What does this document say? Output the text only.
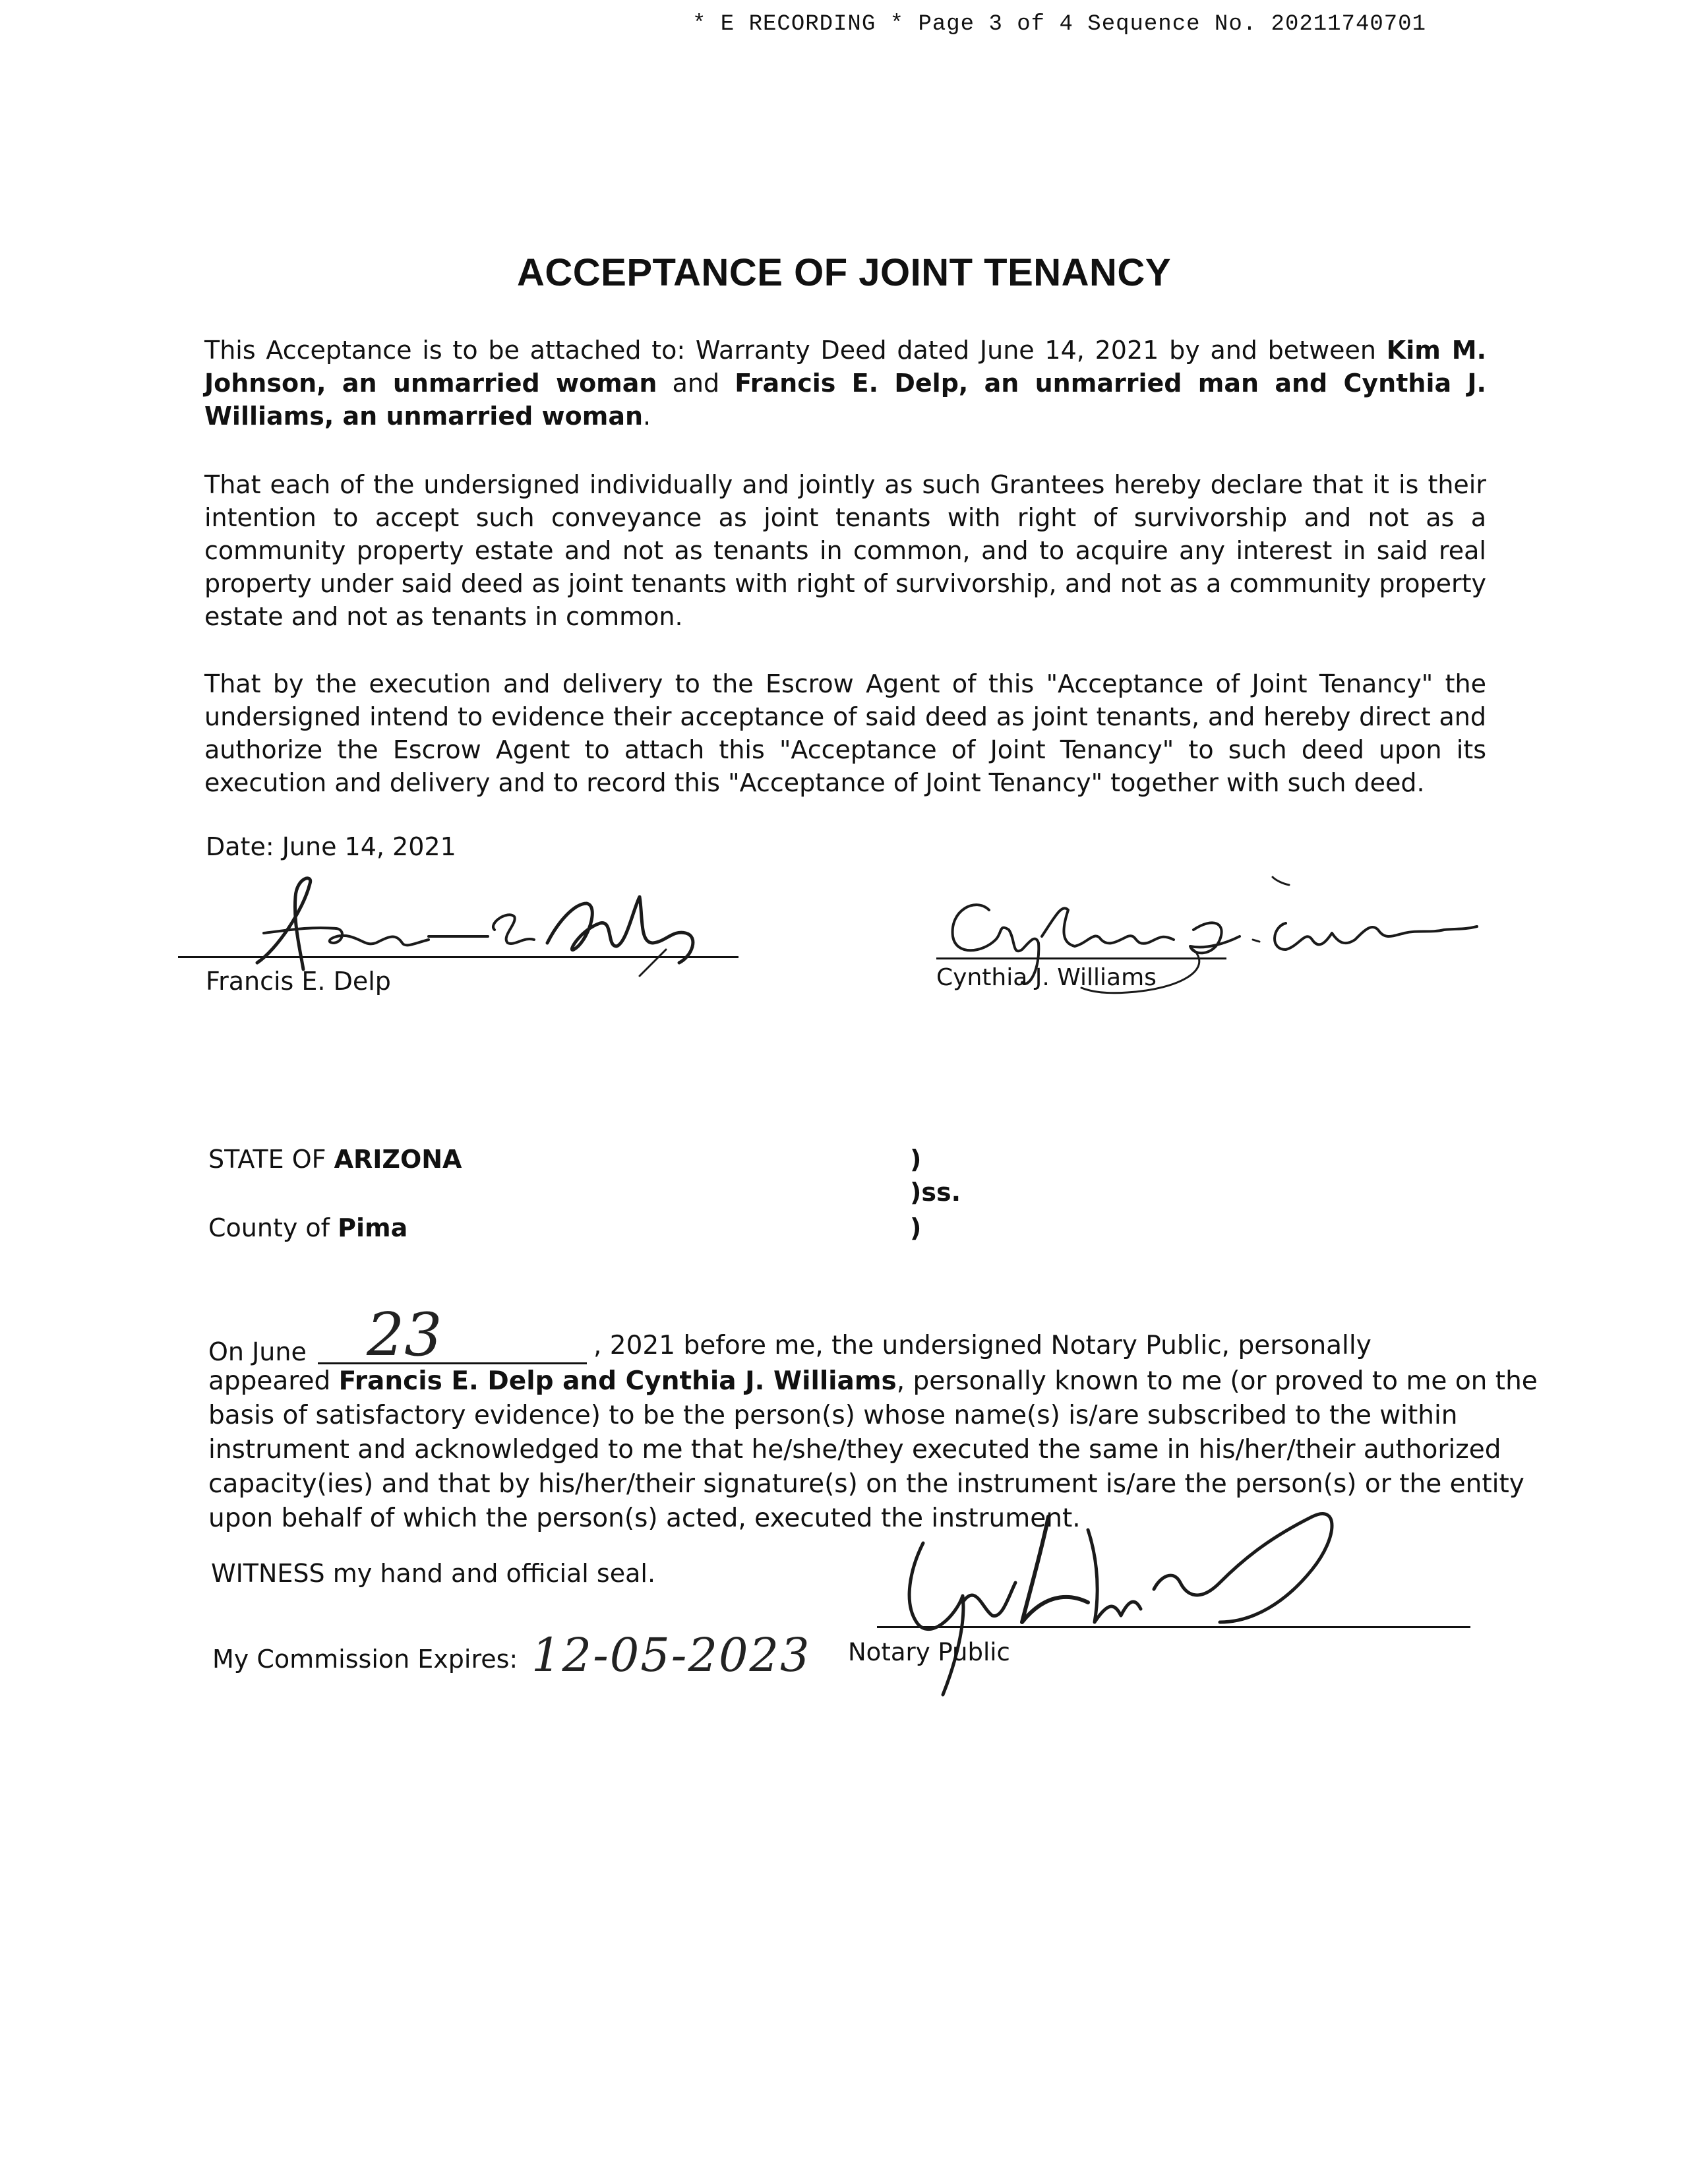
* E RECORDING * Page 3 of 4 Sequence No. 20211740701
ACCEPTANCE OF JOINT TENANCY
This Acceptance is to be attached to: Warranty Deed dated June 14, 2021 by and between Kim M. Johnson, an unmarried woman and Francis E. Delp, an unmarried man and Cynthia J. Williams, an unmarried woman.
That each of the undersigned individually and jointly as such Grantees hereby declare that it is their intention to accept such conveyance as joint tenants with right of survivorship and not as a community property estate and not as tenants in common, and to acquire any interest in said real property under said deed as joint tenants with right of survivorship, and not as a community property estate and not as tenants in common.
That by the execution and delivery to the Escrow Agent of this "Acceptance of Joint Tenancy" the undersigned intend to evidence their acceptance of said deed as joint tenants, and hereby direct and authorize the Escrow Agent to attach this "Acceptance of Joint Tenancy" to such deed upon its execution and delivery and to record this "Acceptance of Joint Tenancy" together with such deed.
Date: June 14, 2021
Francis E. Delp	Cynthia J. Williams
STATE OF ARIZONA
County of Pima
)
)ss.
)
On June 23	, 2021 before me, the undersigned Notary Public, personally
appeared Francis E. Delp and Cynthia J. Williams, personally known to me (or proved to me on the
basis of satisfactory evidence) to be the person(s) whose name(s) is/are subscribed to the within
instrument and acknowledged to me that he/she/they executed the same in his/her/their authorized
capacity(ies) and that by his/her/their signature(s) on the instrument is/are the person(s) or the entity
upon behalf of which the person(s) acted, executed the instrument.
WITNESS my hand and official seal.
Notary Public
My Commission Expires: 12-05-2023
